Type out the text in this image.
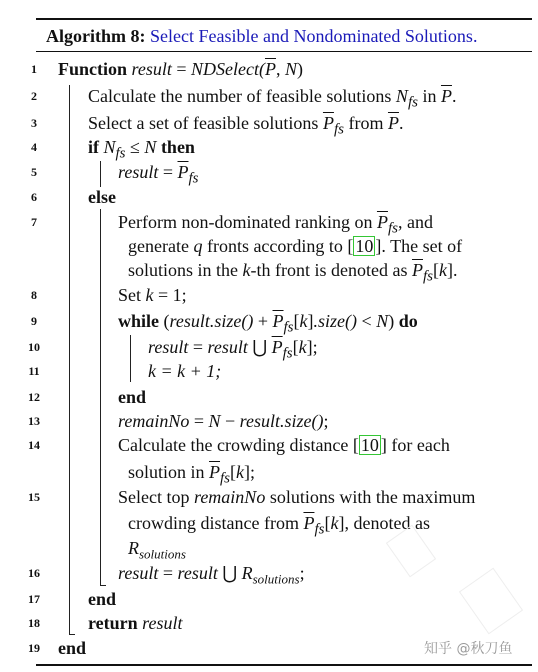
Algorithm 8: Select Feasible and Nondominated Solutions.
1	Function result = $NDSelect(\overline{P}$, N)
2	Calculate the number of feasible solutions $N_{fs}$ in $\overline{P}$.
3	Select a set of feasible solutions $\overline{P}_{fs}$ from $\overline{P}$.
4	if $N_{fs} \le N$ then
5	result = $\overline{P}_{fs}$
6	else
7	Perform non-dominated ranking on $\overline{P}_{fs}$, and
generate q fronts according to [ 10 ]. The set of
solutions in the k-th front is denoted as $\overline{P}_{fs}[k]$.
8	Set k = 1;
9	while (result.size() + $\overline{P}_{fs}[k].size() < N$) do
10	result = result ⋃ $\overline{P}_{fs}[k]$;
11	k = k + 1;
12	end
13	remainNo = N − result.size();
14	Calculate the crowding distance [ 10 ] for each
solution in $\overline{P}_{fs}[k]$;
15	Select top remainNo solutions with the maximum
crowding distance from $\overline{P}_{fs}[k]$, denoted as
$R_{solutions}$
16	result = result ⋃ $R_{solutions}$;
17	end
18	return result
19	end	知乎 @秋刀鱼
